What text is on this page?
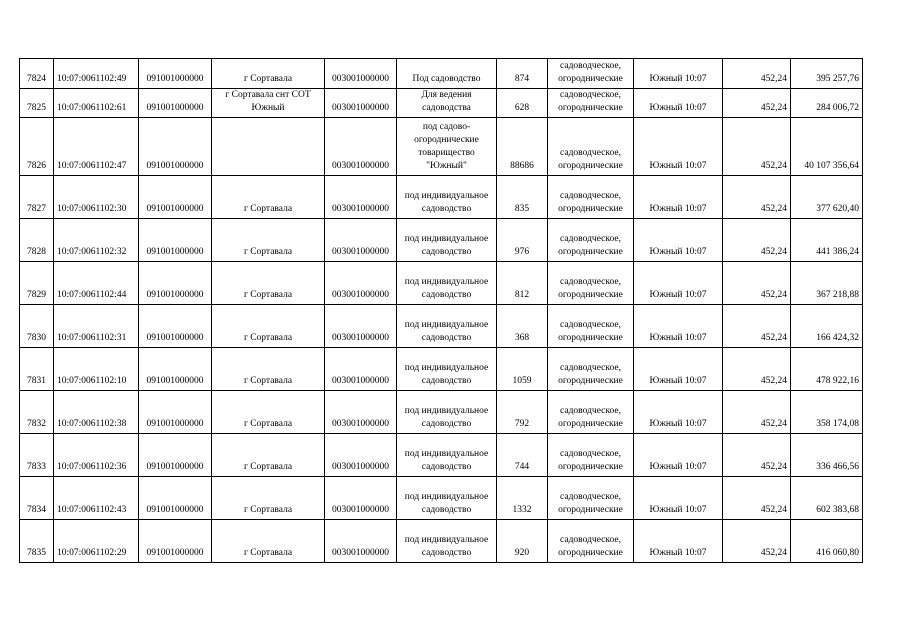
7824	10:07:0061102:49	091001000000	г Сортавала	003001000000	Под садоводство	874	садоводческое,
огороднические	Южный 10:07	452,24	395 257,76
7825	10:07:0061102:61	091001000000	г Сортавала снт СОТ
Южный	003001000000	Для ведения
садоводства	628	садоводческое,
огороднические	Южный 10:07	452,24	284 006,72
7826	10:07:0061102:47	091001000000		003001000000	под садово-
огороднические
товарищество
"Южный"	88686	садоводческое,
огороднические	Южный 10:07	452,24	40 107 356,64
7827	10:07:0061102:30	091001000000	г Сортавала	003001000000	под индивидуальное
садоводство	835	садоводческое,
огороднические	Южный 10:07	452,24	377 620,40
7828	10:07:0061102:32	091001000000	г Сортавала	003001000000	под индивидуальное
садоводство	976	садоводческое,
огороднические	Южный 10:07	452,24	441 386,24
7829	10:07:0061102:44	091001000000	г Сортавала	003001000000	под индивидуальное
садоводство	812	садоводческое,
огороднические	Южный 10:07	452,24	367 218,88
7830	10:07:0061102:31	091001000000	г Сортавала	003001000000	под индивидуальное
садоводство	368	садоводческое,
огороднические	Южный 10:07	452,24	166 424,32
7831	10:07:0061102:10	091001000000	г Сортавала	003001000000	под индивидуальное
садоводство	1059	садоводческое,
огороднические	Южный 10:07	452,24	478 922,16
7832	10:07:0061102:38	091001000000	г Сортавала	003001000000	под индивидуальное
садоводство	792	садоводческое,
огороднические	Южный 10:07	452,24	358 174,08
7833	10:07:0061102:36	091001000000	г Сортавала	003001000000	под индивидуальное
садоводство	744	садоводческое,
огороднические	Южный 10:07	452,24	336 466,56
7834	10:07:0061102:43	091001000000	г Сортавала	003001000000	под индивидуальное
садоводство	1332	садоводческое,
огороднические	Южный 10:07	452,24	602 383,68
7835	10:07:0061102:29	091001000000	г Сортавала	003001000000	под индивидуальное
садоводство	920	садоводческое,
огороднические	Южный 10:07	452,24	416 060,80
